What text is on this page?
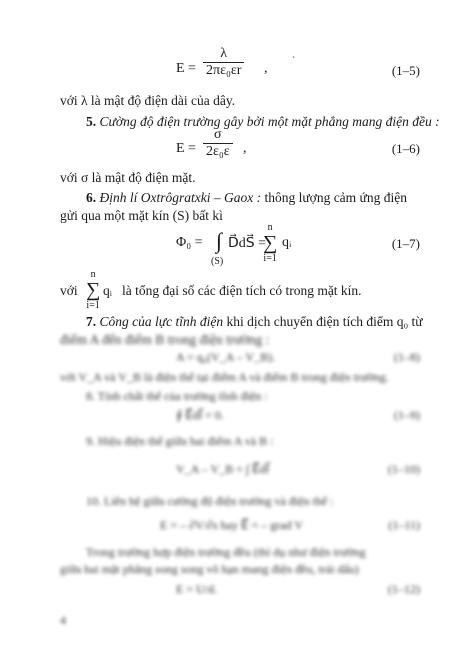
$E = \frac{\lambda}{\text{2πε₀εr}}$ , `
(1–5)
với λ là mật độ điện dài của dây.
5. Cường độ điện trường gây bởi một mặt phẳng mang điện đều :
$E = \frac{\sigma}{\text{2ε₀ε}}$ ,	(1–6)
với σ là mật độ điện mặt.
6. Định lí Oxtrôgratxki – Gaox : thông lượng cảm ứng điện
gửi qua một mặt kín (S) bất kì
Φ₀ = ∫ D⃗dS⃗ =
(S)
n
∑
i=1
qᵢ	(1–7)
với
n
∑
i=1
qᵢ là tổng đại số các điện tích có trong mặt kín.
7. Công của lực tĩnh điện khi dịch chuyển điện tích điểm q₀ từ
điểm A đến điểm B trong điện trường :
A = q₀(V_A – V_B).	(1–8)
với V_A và V_B là điện thế tại điểm A và điểm B trong điện trường.
8. Tính chất thế của trường tĩnh điện :
∮ E⃗dl⃗ = 0.	(1–9)
9. Hiệu điện thế giữa hai điểm A và B :
V_A – V_B = ∫ E⃗dl⃗	(1–10)
10. Liên hệ giữa cường độ điện trường và điện thế :
E = – ∂V/∂s hay E⃗ = – grad V	(1–11)
Trong trường hợp điện trường đều (thí dụ như điện trường
giữa hai mặt phẳng song song vô hạn mang điện đều, trái dấu)
E = U/d.	(1–12)
4
